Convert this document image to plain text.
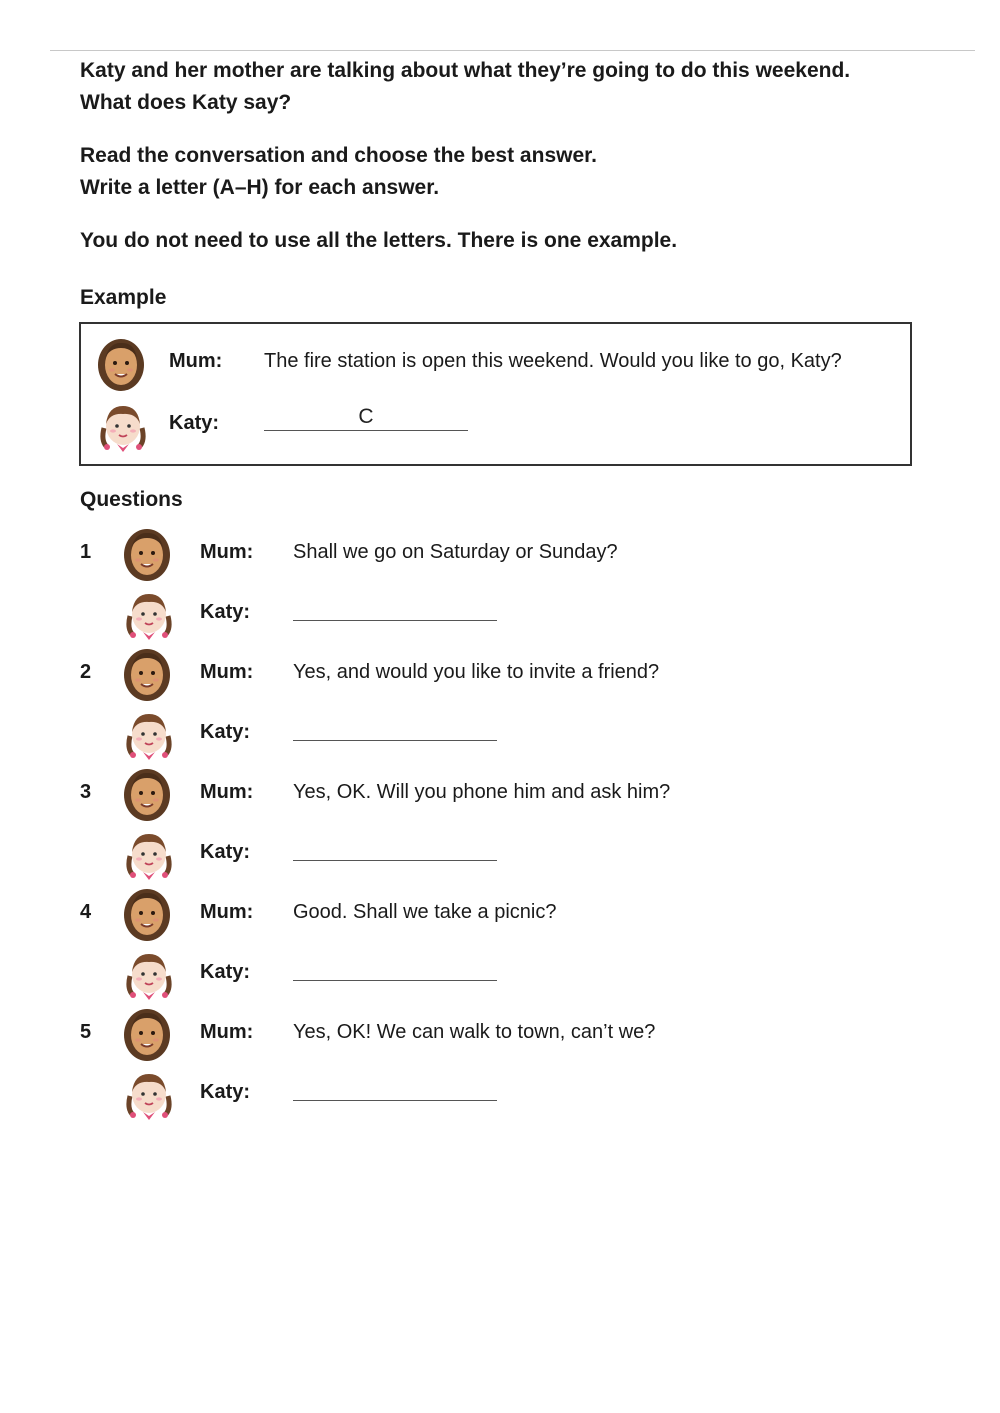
Katy and her mother are talking about what they’re going to do this weekend.

What does Katy say?

Read the conversation and choose the best answer.

Write a letter (A–H) for each answer.

You do not need to use all the letters. There is one example.

Example

Mum: The fire station is open this weekend. Would you like to go, Katy?
Katy:
C

Questions

1	Mum: Shall we go on Saturday or Sunday?
Katy:
2	Mum: Yes, and would you like to invite a friend?
Katy:
3	Mum: Yes, OK. Will you phone him and ask him?
Katy:
4	Mum: Good. Shall we take a picnic?
Katy:
5	Mum: Yes, OK! We can walk to town, can’t we?
Katy:
